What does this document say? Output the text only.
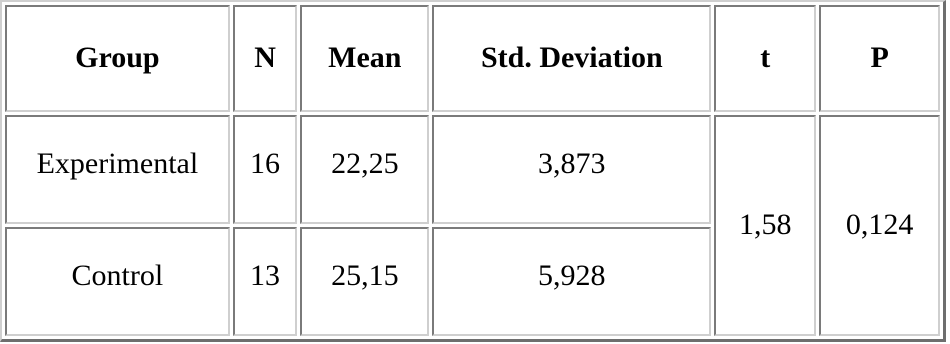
Group	N	Mean	Std. Deviation	t	P
Experimental	16	22,25	3,873	1,58	0,124
Control	13	25,15	5,928		
